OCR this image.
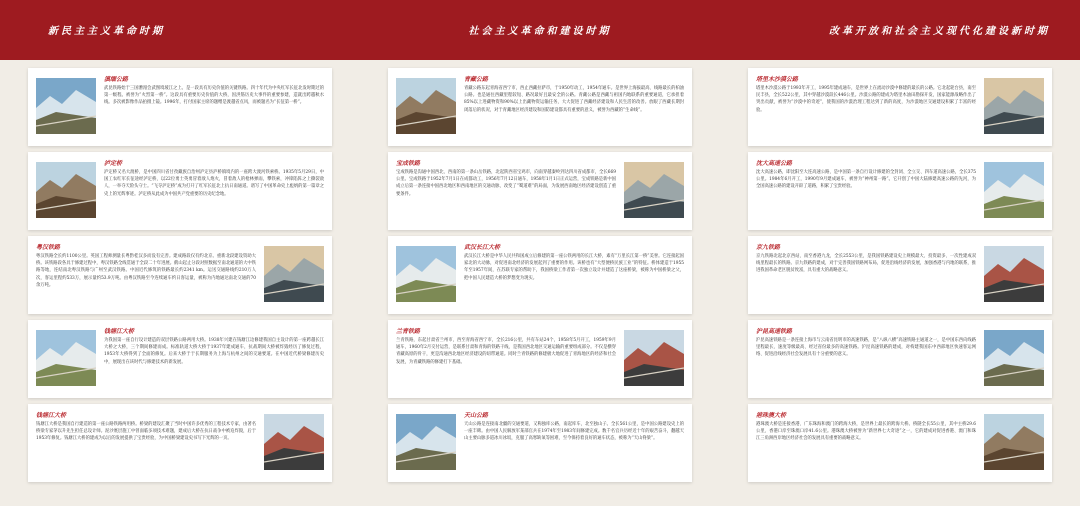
新民主主义革命时期
滇缅公路
武昆铁路始于三国漕漫会武图境坡江之上。是一段具有历史价值的关键铁路。四十年代为中央红军长征北发时期过的第一级程。被誉为“火烈第一桥”。这段具有重要历史价值的大桥，因洪筋历史大事件的重要参建，造就出跨越秋水线。多次被影像作品拍摄上镜。1996年，打付国家主席的题赠是渡越省点风，而被题名为“长征第一桥”。
泸定桥
泸定桥又名大渡桥，是中国四川省甘孜藏族自治州泸定县泸桥镇境内的一座跨大渡河铁索桥。1935年5月29日，中国工农红军长征途经泸定桥，以22位勇士英勇冒着敌人炮火，冒着敌人的枪林弹雨，攀铁索，冲锋陷阵之上撕裂敌人，一举夺天险头守士。“飞夺泸定桥”成为打开了红军长征北上抗日南通道。谱写了中国革命史上彪炳的第一篇章之史上的光辉事迹。泸定桥从此成为中国共产党重要的历史纪念地。
粤汉铁路
粤汉铁路全长约1100公里。英国工程师测量长粤黔桂汉多而没有完善。建成路段仅有约北京。重新北段建设资助大桥。该铁路段各具于修建过程中，粤汉铁路全线贯通于全段二十年进展。鹤山起止分段对照数据至南北通道的大中铁路等地，连结南北粤汉铁路与广州至武汉铁路。中国近代修筑的铁路最长约2341 km。运送交通路线约210万人次，客运里程约533万，展示量约53.9万吨。由粤汉铁路至今连续通车约日客运量，被称为内地通达南北交通的70余万吨。
钱塘江大桥
为我国第一座自行设计建造的双层铁路公路两用大桥。1938年兴建在钱塘江边修建我国自主设计的第一座跨越长江大桥之大桥，三个期间修建而成。标准轨道大桥大桥于1937年建成通车，抗战期间大桥被炸毁经历了修复过程，1953年大桥得到了全面的修复。后来大桥于于长期服务为上海与杭州之间的交通要道。在中国近代桥梁修建历史中，展现出在该时代与修建技术的新发展。
钱塘江大桥
钱塘江大桥是我国自行建造的第一座公路铁路两用桥。桥梁的建设汇聚了当时中国许多优秀的工程技术专家，由著名桥梁专家茅以升先生担任总设计师。泥沙底层施工中曾面临多项技术难题，建成后大桥在抗日战争中被迫炸毁，后于1953年修复。钱塘江大桥的建成为以后的发展提供了宝贵经验，为中国桥梁建设史书写下光辉的一页。
社会主义革命和建设时期
青藏公路
青藏公路东起青海省西宁市，西止西藏拉萨市，于1950年动工，1954年通车。是世界上海拔最高、线路最长的柏油公路。也是通往西藏里程较短、路况最好且最安全的公路。青藏公路是西藏与祖国内地联系的重要通道，它承担着85%以上进藏物资和90%以上出藏物资运输任务，大大促进了西藏经济建设和人民生活的改善。放眼了西藏长期封闭落后的状况，对于青藏地区经济建设和国防建设都具有重要的意义，被誉为西藏的“生命线”。
宝成铁路
宝成铁路是沟通中国西北、西南的第一条山岳铁路，北起陕西省宝鸡市，向南穿越秦岭到达四川省成都市，全长669公里。宝成铁路于1952年7月1日在成都动工，1956年7月12日通车，1958年1月1日正式运营，宝成铁路是新中国成立后第一条连接中国西北地区和西南地区的交通动脉，改变了“蜀道难”的局面，为发展西南地区经济建设创造了重要条件。
武汉长江大桥
武汉长江大桥是中华人民共和国成立后修建的第一座公铁两用的长江大桥，素有“万里长江第一桥”美誉。它连接起国家北的大动脉，对促进南北经济的发展起到了重要的作用。该桥也有“大型便桥民族工业”的特征。桥体建造于1955年至1957年间，在苏联专家的帮助下，我国桥梁工作者第一次独立设计并建造了这座桥梁，被称为中国桥梁之父，把中国人民建造大桥的梦想变为现实。
兰青铁路
兰青铁路，东起甘肃省兰州市，西至青海省西宁市，全长216公里，共有车站24个，1958年5月开工，1959年9月通车，1960年2月交付运营，是联系甘肃和青海的铁路干线，是我国西北地区交通运输的重要组成部分。不仅是横穿青藏高原的骨干，更是沟通西北地区经济建设的纽带通道。同时兰青铁路的修建极大地促进了青海地区的经济和社会发展，为青藏铁路的修建打下基础。
天山公路
天山公路是连接南北疆的交通要道，又称独库公路，南起库车，北至独山子。全长561公里，是中国公路建设史上的一座丰碑。由中国人民解放军某部官兵在1974年至1983年间修建完成。数千名官兵历经近十年的艰苦奋斗，翻越天山主要山脉多道冰川冰坂，克服了高寒缺氧等困难，至今保持着良好的通车状态，被称为“天山脊梁”。
改革开放和社会主义现代化建设新时期
塔里木沙漠公路
塔里木沙漠公路于1993年开工，1995年建成通车，是世界上在流动沙漠中修建的最长的公路。它北起轮台县，南至民丰县，全长522公里，其中穿越沙漠段长446公里。沙漠公路的建成为塔里木油田勘探开发，国家能源战略作出了突出贡献，被誉为“沙漠中的奇迹”，使我国的沙漠治理工程达到了新的高度，为沙漠地区交通建设积累了丰富的经验。
沈大高速公路
沈大高速公路，即沈阳至大连高速公路，是中国第一条自行设计修建的全封闭、全立交、四车道高速公路，全长375公里。1984年6月开工，1990年9月建成通车，被誉为“神州第一路”。它开创了中国大陆修建高速公路的先河，为全国高速公路的建设开辟了道路，积累了宝贵经验。
京九铁路
京九铁路北起北京西站，南至香港九龙，全长2553公里，是我国铁路建设史上规模最大、投资最多、一次性建成双线里程最长的铁路。京九铁路的建成，对于完善我国铁路网布局，促进沿线经济的发展，加强香港与内地的联系，推进我国革命老区脱贫致富，具有重大的战略意义。
沪昆高速铁路
沪昆高速铁路是一条连接上海市与云南省昆明市的高速铁路，是“八纵八横”高速铁路主通道之一，是中国东西向线路里程最长、速度等级最高、经过省份最多的高速铁路。沪昆高速铁路的建成，对构建我国东中西部地区快速客运网络、促进沿线经济社会发展具有十分重要的意义。
港珠澳大桥
港珠澳大桥是连接香港、广东珠海和澳门的跨海大桥，是世界上最长的跨海大桥。桥隧全长55公里，其中主桥29.6公里、香港口岸至珠澳口岸41.6公里。港珠澳大桥被誉为“新世界七大奇迹”之一，它的建成对促进香港、澳门和珠江三角洲西岸地区经济社会的发展具有重要的战略意义。
